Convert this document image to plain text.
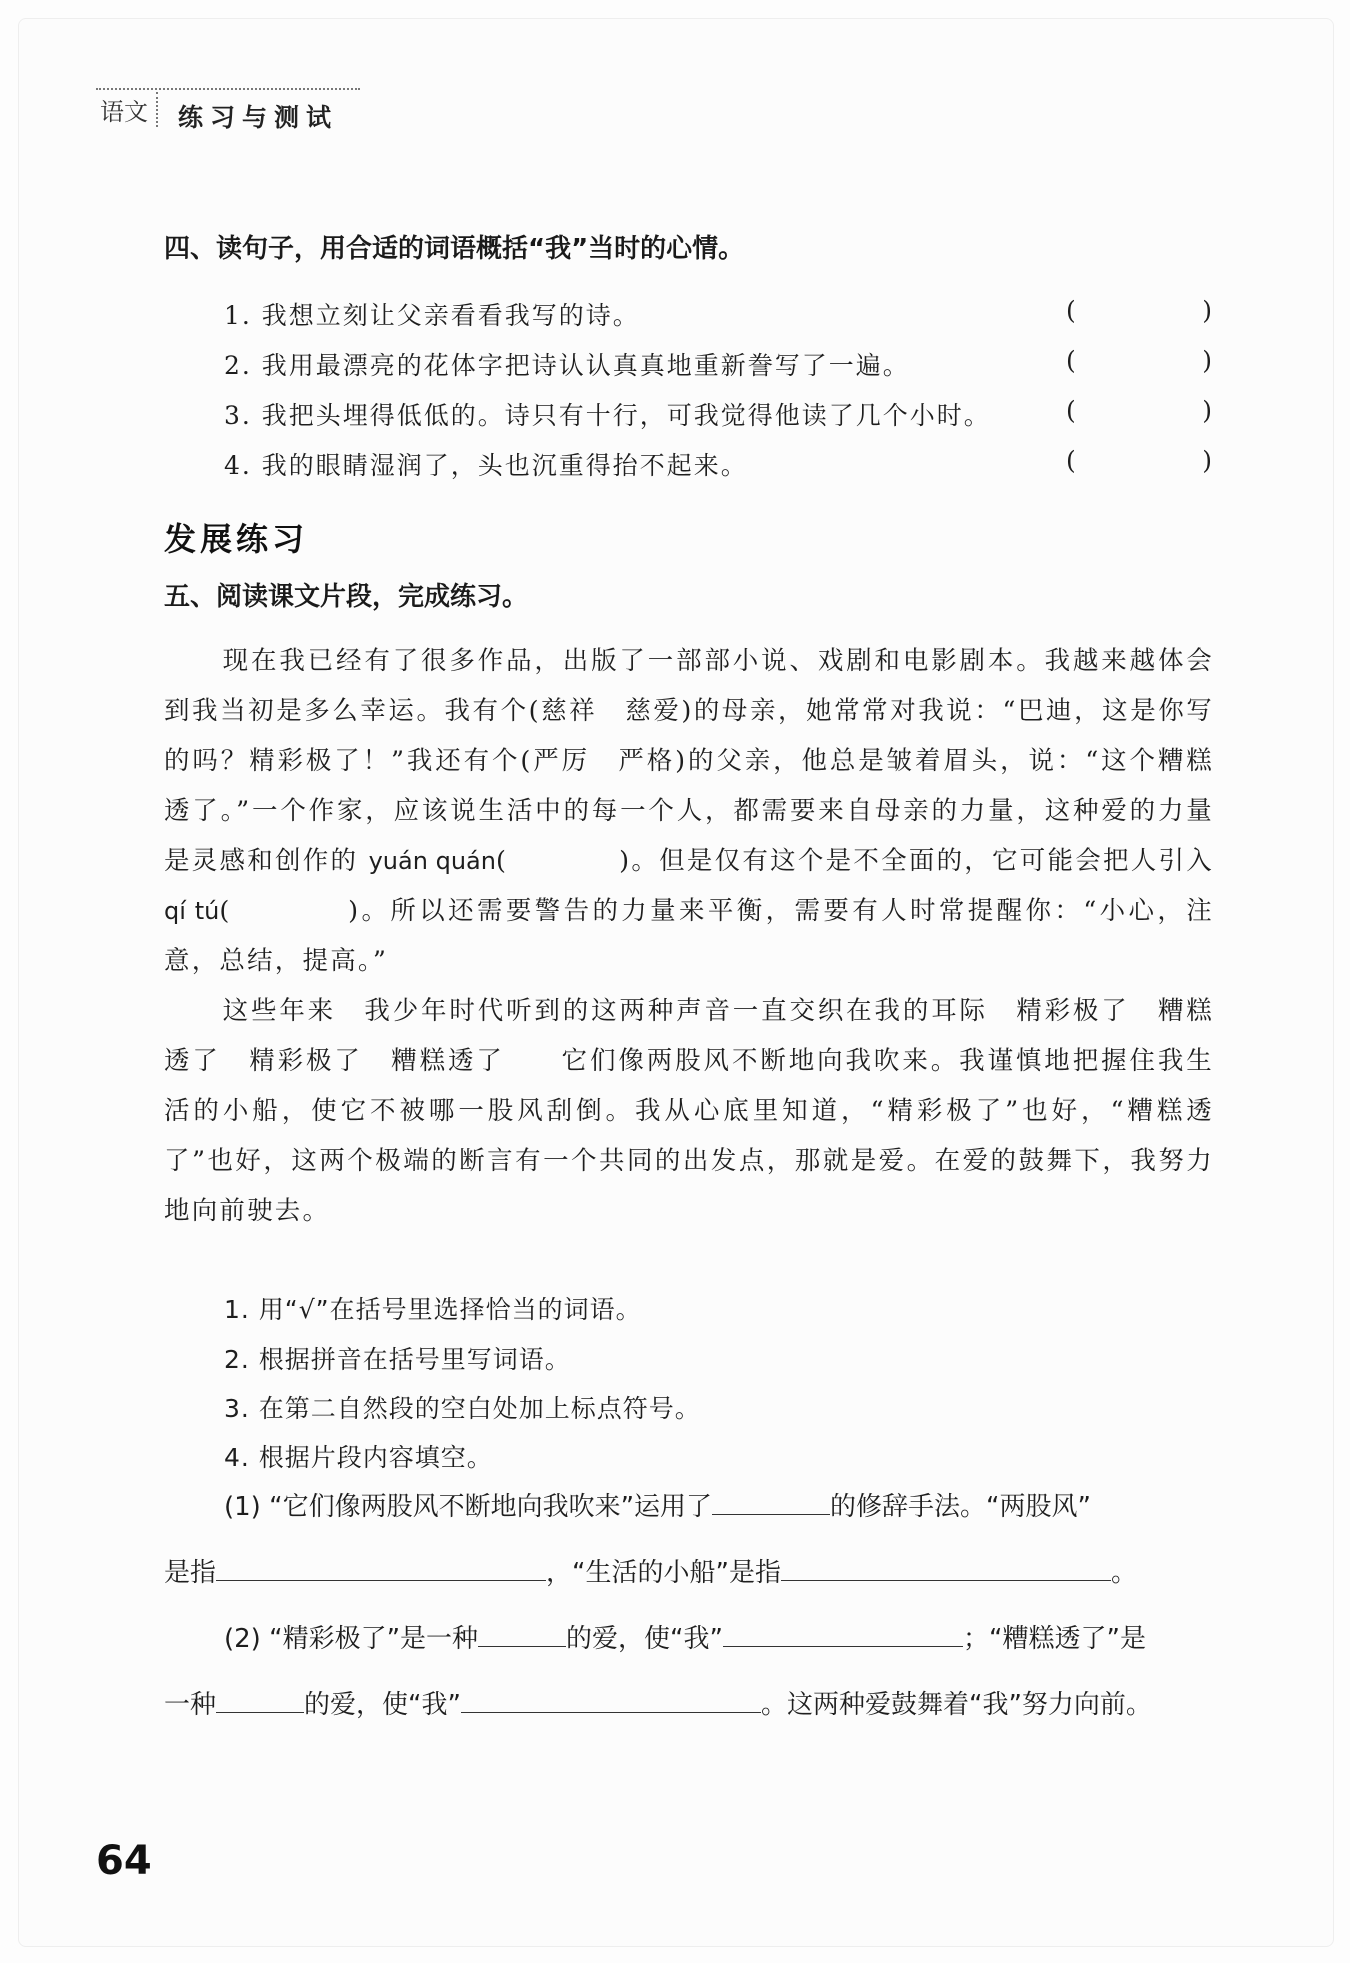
语文	练习与测试
四、读句子，用合适的词语概括“我”当时的心情。
1. 我想立刻让父亲看看我写的诗。	(	)
2. 我用最漂亮的花体字把诗认认真真地重新誊写了一遍。	(	)
3. 我把头埋得低低的。诗只有十行，可我觉得他读了几个小时。	(	)
4. 我的眼睛湿润了，头也沉重得抬不起来。	(	)
发展练习
五、阅读课文片段，完成练习。
现在我已经有了很多作品，出版了一部部小说、戏剧和电影剧本。我越来越体会到我当初是多么幸运。我有个(慈祥　慈爱)的母亲，她常常对我说：“巴迪，这是你写的吗？精彩极了！”我还有个(严厉　严格)的父亲，他总是皱着眉头，说：“这个糟糕透了。”一个作家，应该说生活中的每一个人，都需要来自母亲的力量，这种爱的力量是灵感和创作的 yuán quán(　　　　)。但是仅有这个是不全面的，它可能会把人引入 qí tú(　　　　)。所以还需要警告的力量来平衡，需要有人时常提醒你：“小心，注意，总结，提高。”
这些年来　我少年时代听到的这两种声音一直交织在我的耳际　精彩极了　糟糕透了　精彩极了　糟糕透了　　它们像两股风不断地向我吹来。我谨慎地把握住我生活的小船，使它不被哪一股风刮倒。我从心底里知道，“精彩极了”也好，“糟糕透了”也好，这两个极端的断言有一个共同的出发点，那就是爱。在爱的鼓舞下，我努力地向前驶去。
1. 用“√”在括号里选择恰当的词语。
2. 根据拼音在括号里写词语。
3. 在第二自然段的空白处加上标点符号。
4. 根据片段内容填空。
(1) “它们像两股风不断地向我吹来”运用了	的修辞手法。“两股风”
是指	，“生活的小船”是指	。
(2) “精彩极了”是一种	的爱，使“我”	；“糟糕透了”是
一种	的爱，使“我”	。这两种爱鼓舞着“我”努力向前。
64
